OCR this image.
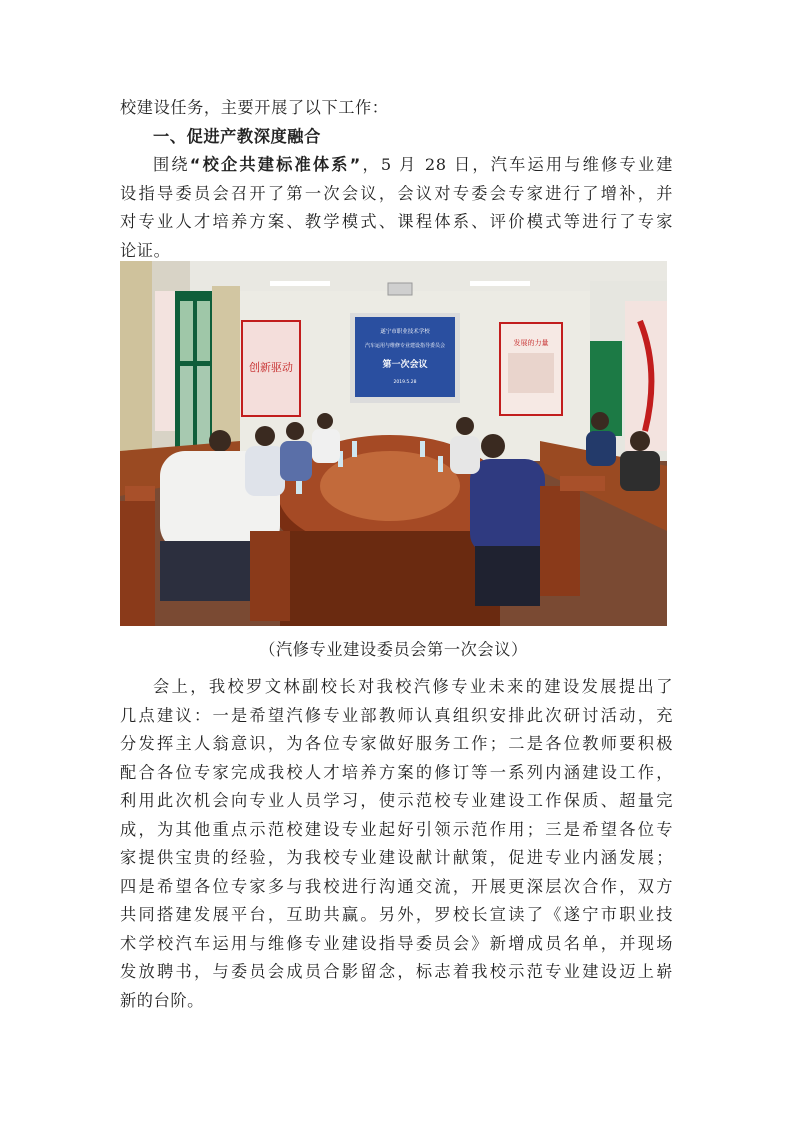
校建设任务，主要开展了以下工作：
一、促进产教深度融合
围绕“校企共建标准体系”，5 月 28 日，汽车运用与维修专业建
设指导委员会召开了第一次会议，会议对专委会专家进行了增补，并
对专业人才培养方案、教学模式、课程体系、评价模式等进行了专家
论证。
创新驱动
遂宁市职业技术学校
汽车运用与维修专业建设指导委员会
第一次会议
2019.5.28
发展的力量
（汽修专业建设委员会第一次会议）
会上，我校罗文林副校长对我校汽修专业未来的建设发展提出了
几点建议：一是希望汽修专业部教师认真组织安排此次研讨活动，充
分发挥主人翁意识，为各位专家做好服务工作；二是各位教师要积极
配合各位专家完成我校人才培养方案的修订等一系列内涵建设工作，
利用此次机会向专业人员学习，使示范校专业建设工作保质、超量完
成，为其他重点示范校建设专业起好引领示范作用；三是希望各位专
家提供宝贵的经验，为我校专业建设献计献策，促进专业内涵发展；
四是希望各位专家多与我校进行沟通交流，开展更深层次合作，双方
共同搭建发展平台，互助共赢。另外，罗校长宣读了《遂宁市职业技
术学校汽车运用与维修专业建设指导委员会》新增成员名单，并现场
发放聘书，与委员会成员合影留念，标志着我校示范专业建设迈上崭
新的台阶。
